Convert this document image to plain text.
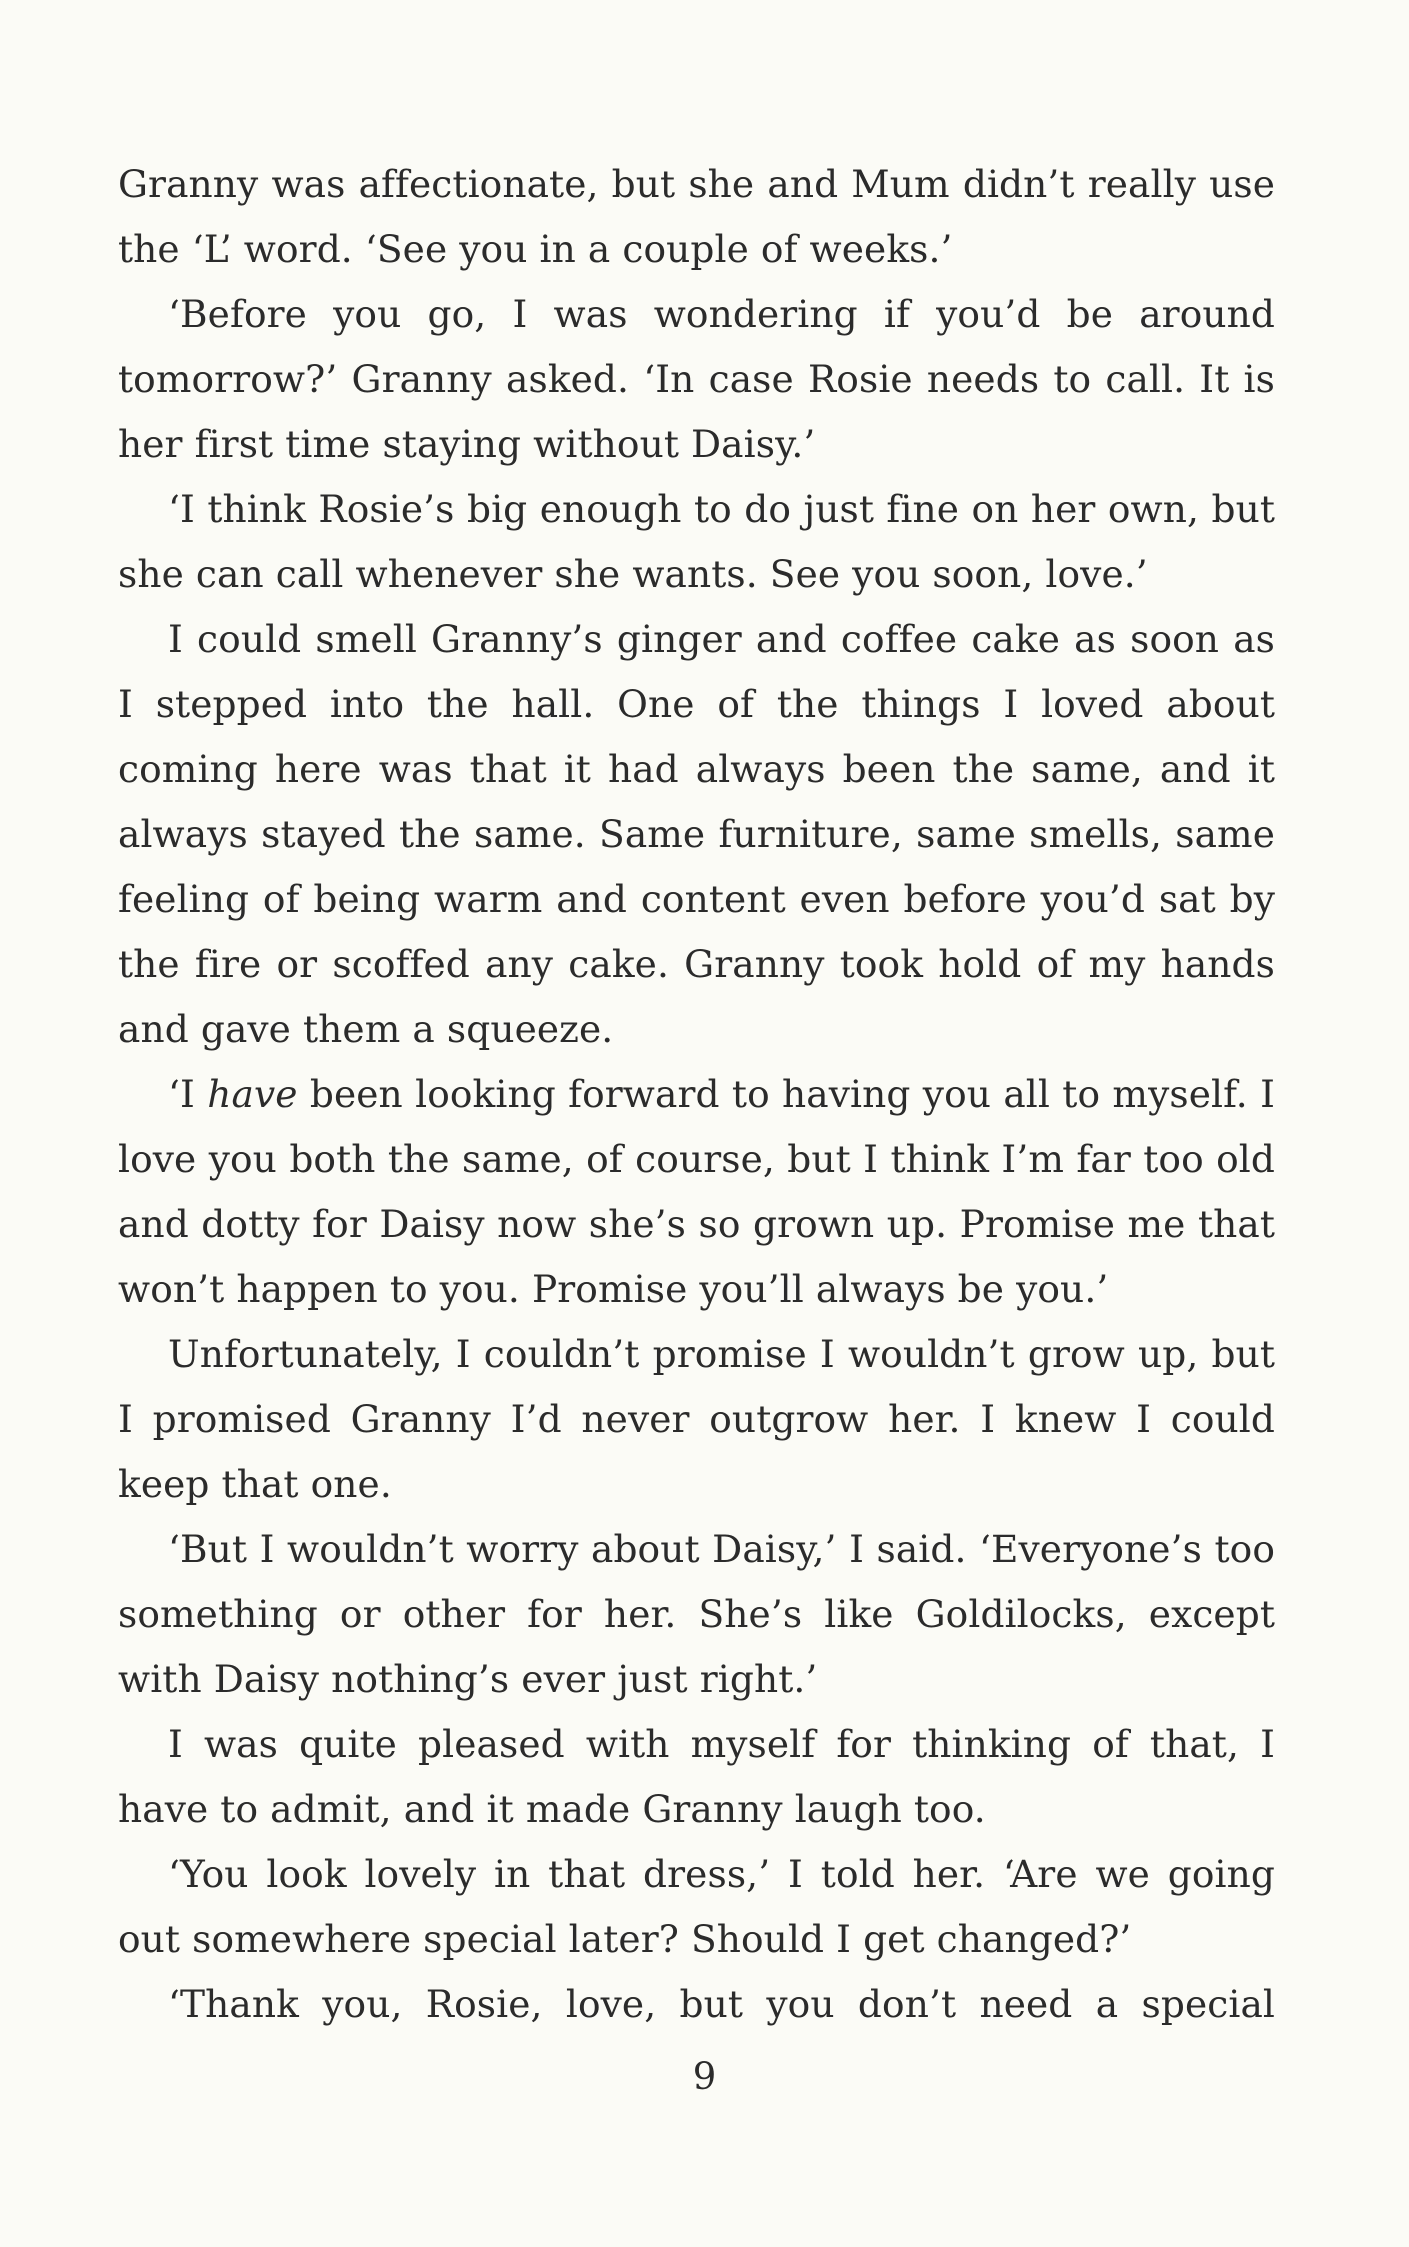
Granny was affectionate, but she and Mum didn’t really use the ‘L’ word. ‘See you in a couple of weeks.’

‘Before you go, I was wondering if you’d be around tomorrow?’ Granny asked. ‘In case Rosie needs to call. It is her first time staying without Daisy.’

‘I think Rosie’s big enough to do just fine on her own, but she can call whenever she wants. See you soon, love.’

I could smell Granny’s ginger and coffee cake as soon as I stepped into the hall. One of the things I loved about coming here was that it had always been the same, and it always stayed the same. Same furniture, same smells, same feeling of being warm and content even before you’d sat by the fire or scoffed any cake. Granny took hold of my hands and gave them a squeeze.

‘I have been looking forward to having you all to myself. I love you both the same, of course, but I think I’m far too old and dotty for Daisy now she’s so grown up. Promise me that won’t happen to you. Promise you’ll always be you.’

Unfortunately, I couldn’t promise I wouldn’t grow up, but I promised Granny I’d never outgrow her. I knew I could keep that one.

‘But I wouldn’t worry about Daisy,’ I said. ‘Everyone’s too something or other for her. She’s like Goldilocks, except with Daisy nothing’s ever just right.’

I was quite pleased with myself for thinking of that, I have to admit, and it made Granny laugh too.

‘You look lovely in that dress,’ I told her. ‘Are we going out somewhere special later? Should I get changed?’

‘Thank you, Rosie, love, but you don’t need a special

9
